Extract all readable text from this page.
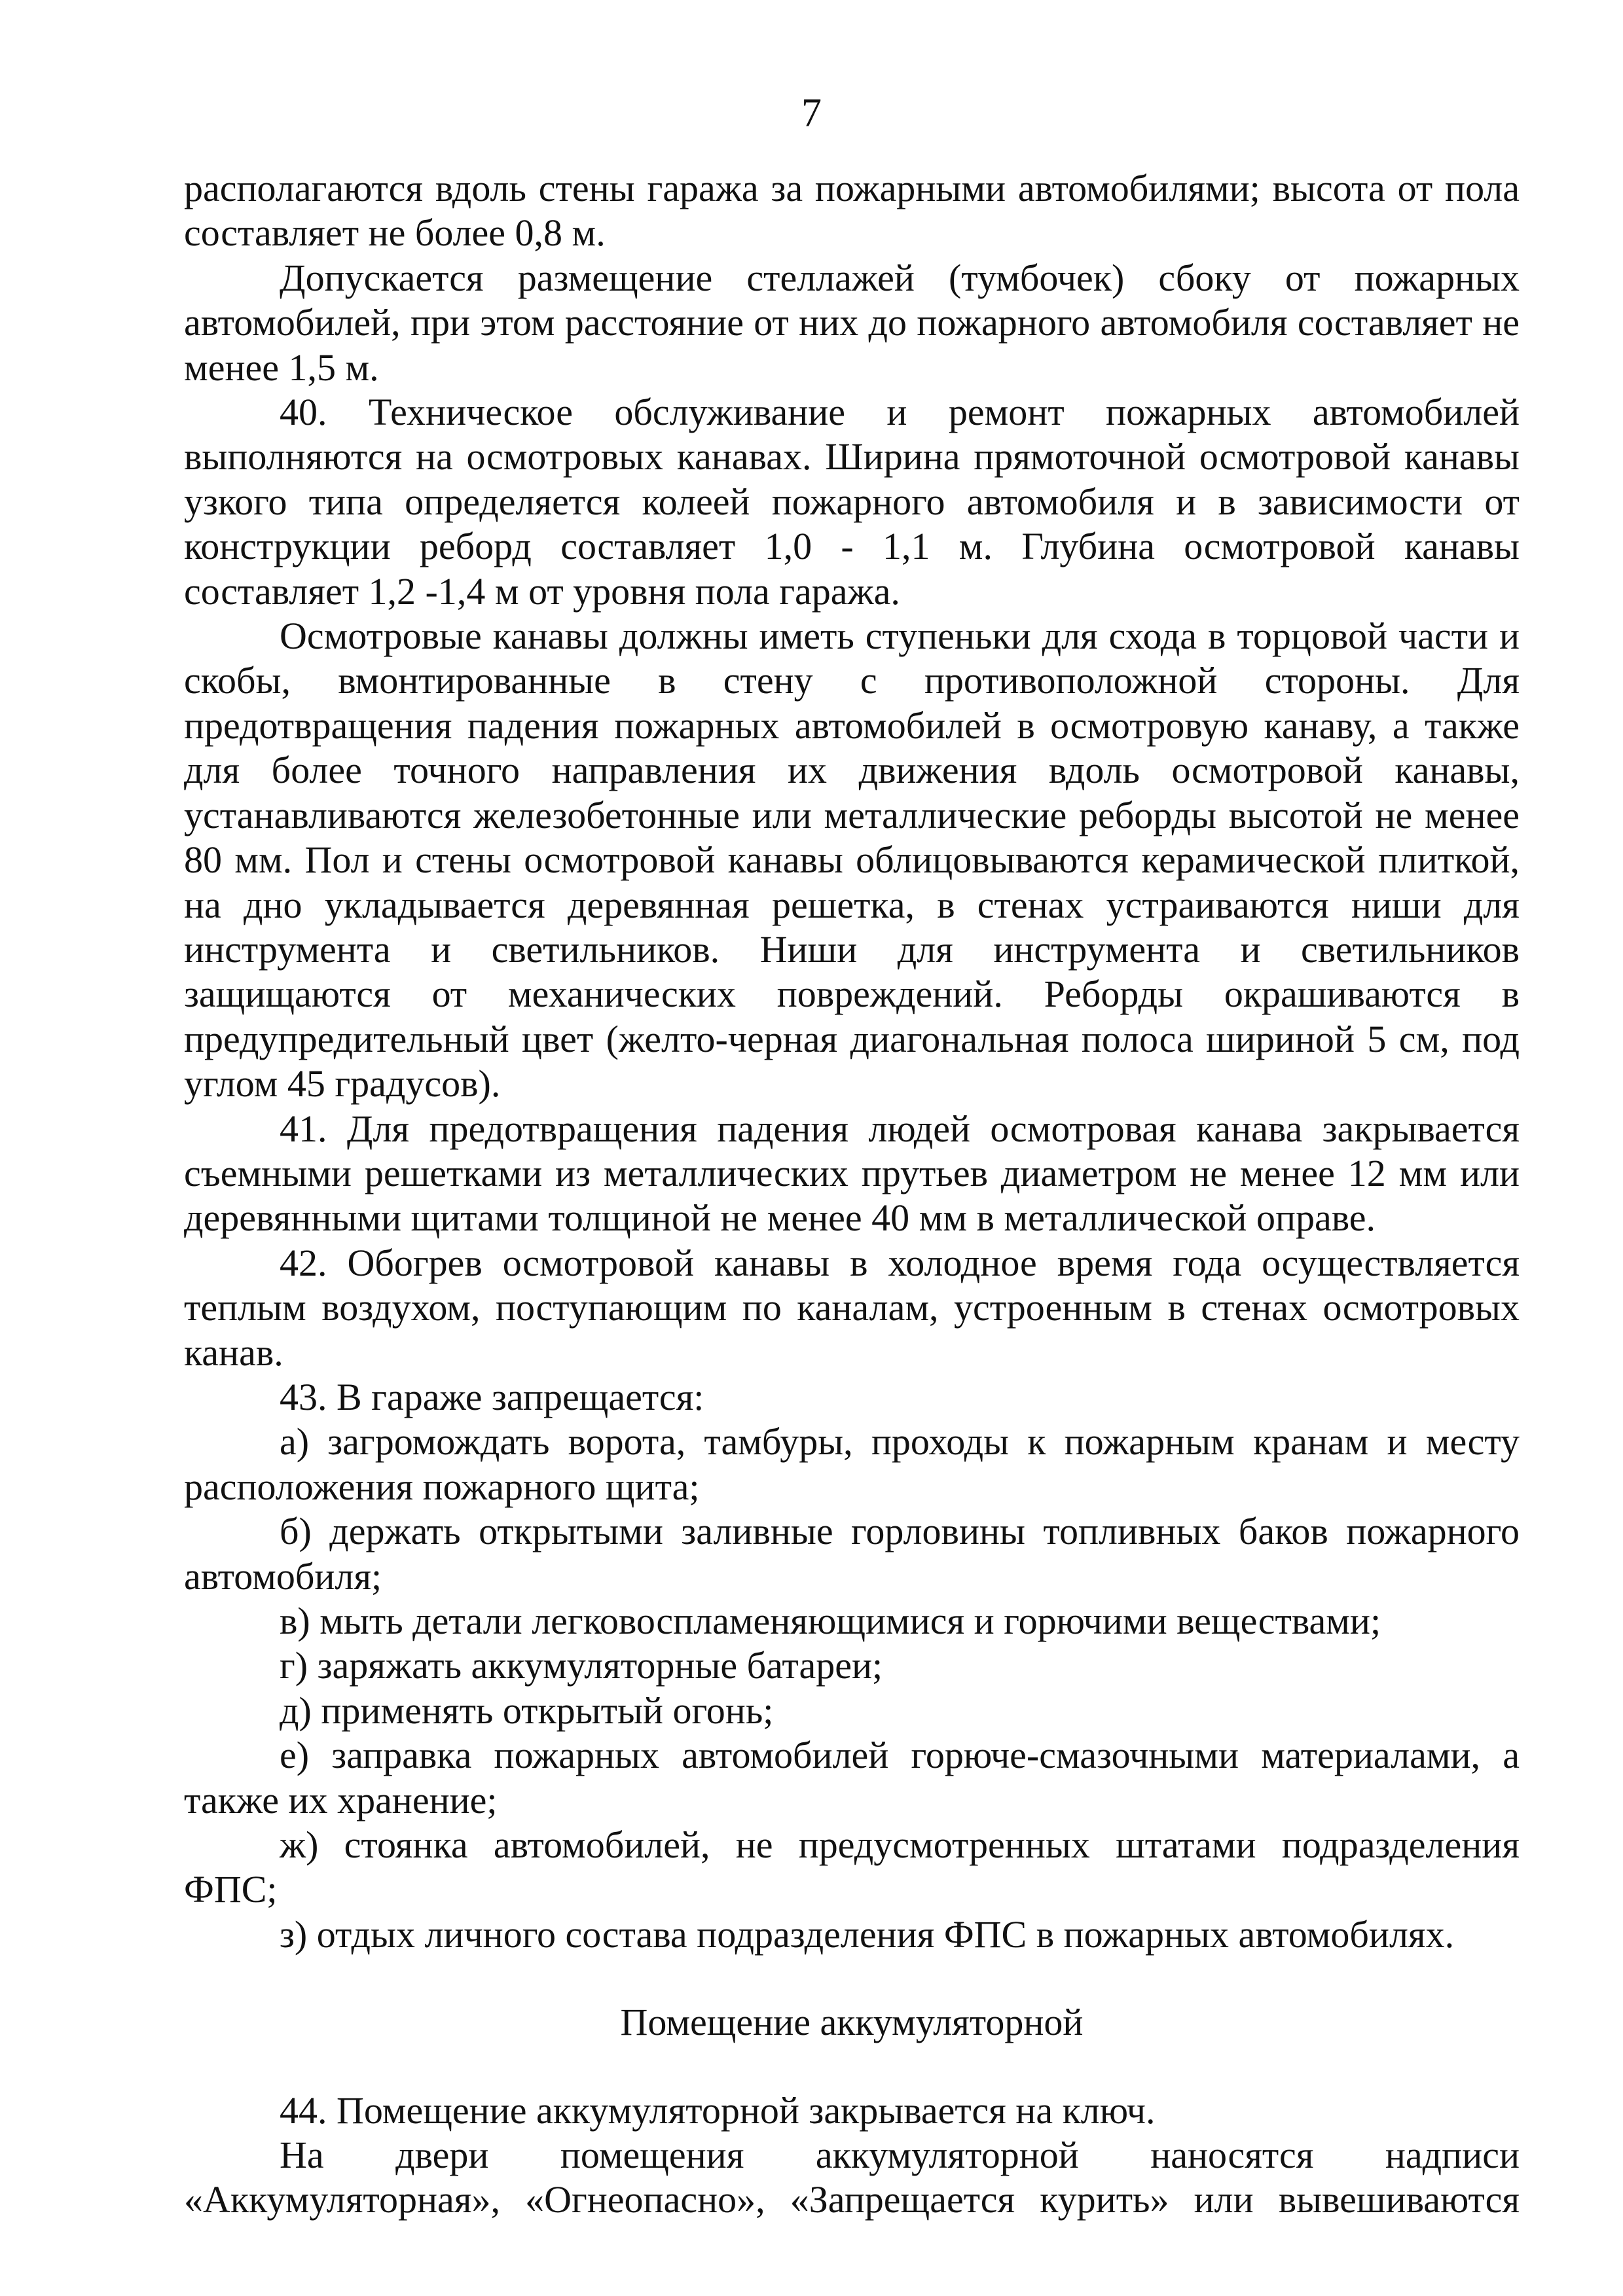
7

располагаются вдоль стены гаража за пожарными автомобилями; высота от пола составляет не более 0,8 м.

Допускается размещение стеллажей (тумбочек) сбоку от пожарных автомобилей, при этом расстояние от них до пожарного автомобиля составляет не менее 1,5 м.

40. Техническое обслуживание и ремонт пожарных автомобилей выполняются на осмотровых канавах. Ширина прямоточной осмотровой канавы узкого типа определяется колеей пожарного автомобиля и в зависимости от конструкции реборд составляет 1,0 - 1,1 м. Глубина осмотровой канавы составляет 1,2 -1,4 м от уровня пола гаража.

Осмотровые канавы должны иметь ступеньки для схода в торцовой части и скобы, вмонтированные в стену с противоположной стороны. Для предотвращения падения пожарных автомобилей в осмотровую канаву, а также для более точного направления их движения вдоль осмотровой канавы, устанавливаются железобетонные или металлические реборды высотой не менее 80 мм. Пол и стены осмотровой канавы облицовываются керамической плиткой, на дно укладывается деревянная решетка, в стенах устраиваются ниши для инструмента и светильников. Ниши для инструмента и светильников защищаются от механических повреждений. Реборды окрашиваются в предупредительный цвет (желто-черная диагональная полоса шириной 5 см, под углом 45 градусов).

41. Для предотвращения падения людей осмотровая канава закрывается съемными решетками из металлических прутьев диаметром не менее 12 мм или деревянными щитами толщиной не менее 40 мм в металлической оправе.

42. Обогрев осмотровой канавы в холодное время года осуществляется теплым воздухом, поступающим по каналам, устроенным в стенах осмотровых канав.

43. В гараже запрещается:

а) загромождать ворота, тамбуры, проходы к пожарным кранам и месту расположения пожарного щита;

б) держать открытыми заливные горловины топливных баков пожарного автомобиля;

в) мыть детали легковоспламеняющимися и горючими веществами;

г) заряжать аккумуляторные батареи;

д) применять открытый огонь;

е) заправка пожарных автомобилей горюче-смазочными материалами, а также их хранение;

ж) стоянка автомобилей, не предусмотренных штатами подразделения ФПС;

з) отдых личного состава подразделения ФПС в пожарных автомобилях.

Помещение аккумуляторной

44. Помещение аккумуляторной закрывается на ключ.

На двери помещения аккумуляторной наносятся надписи «Аккумуляторная», «Огнеопасно», «Запрещается курить» или вывешиваются
